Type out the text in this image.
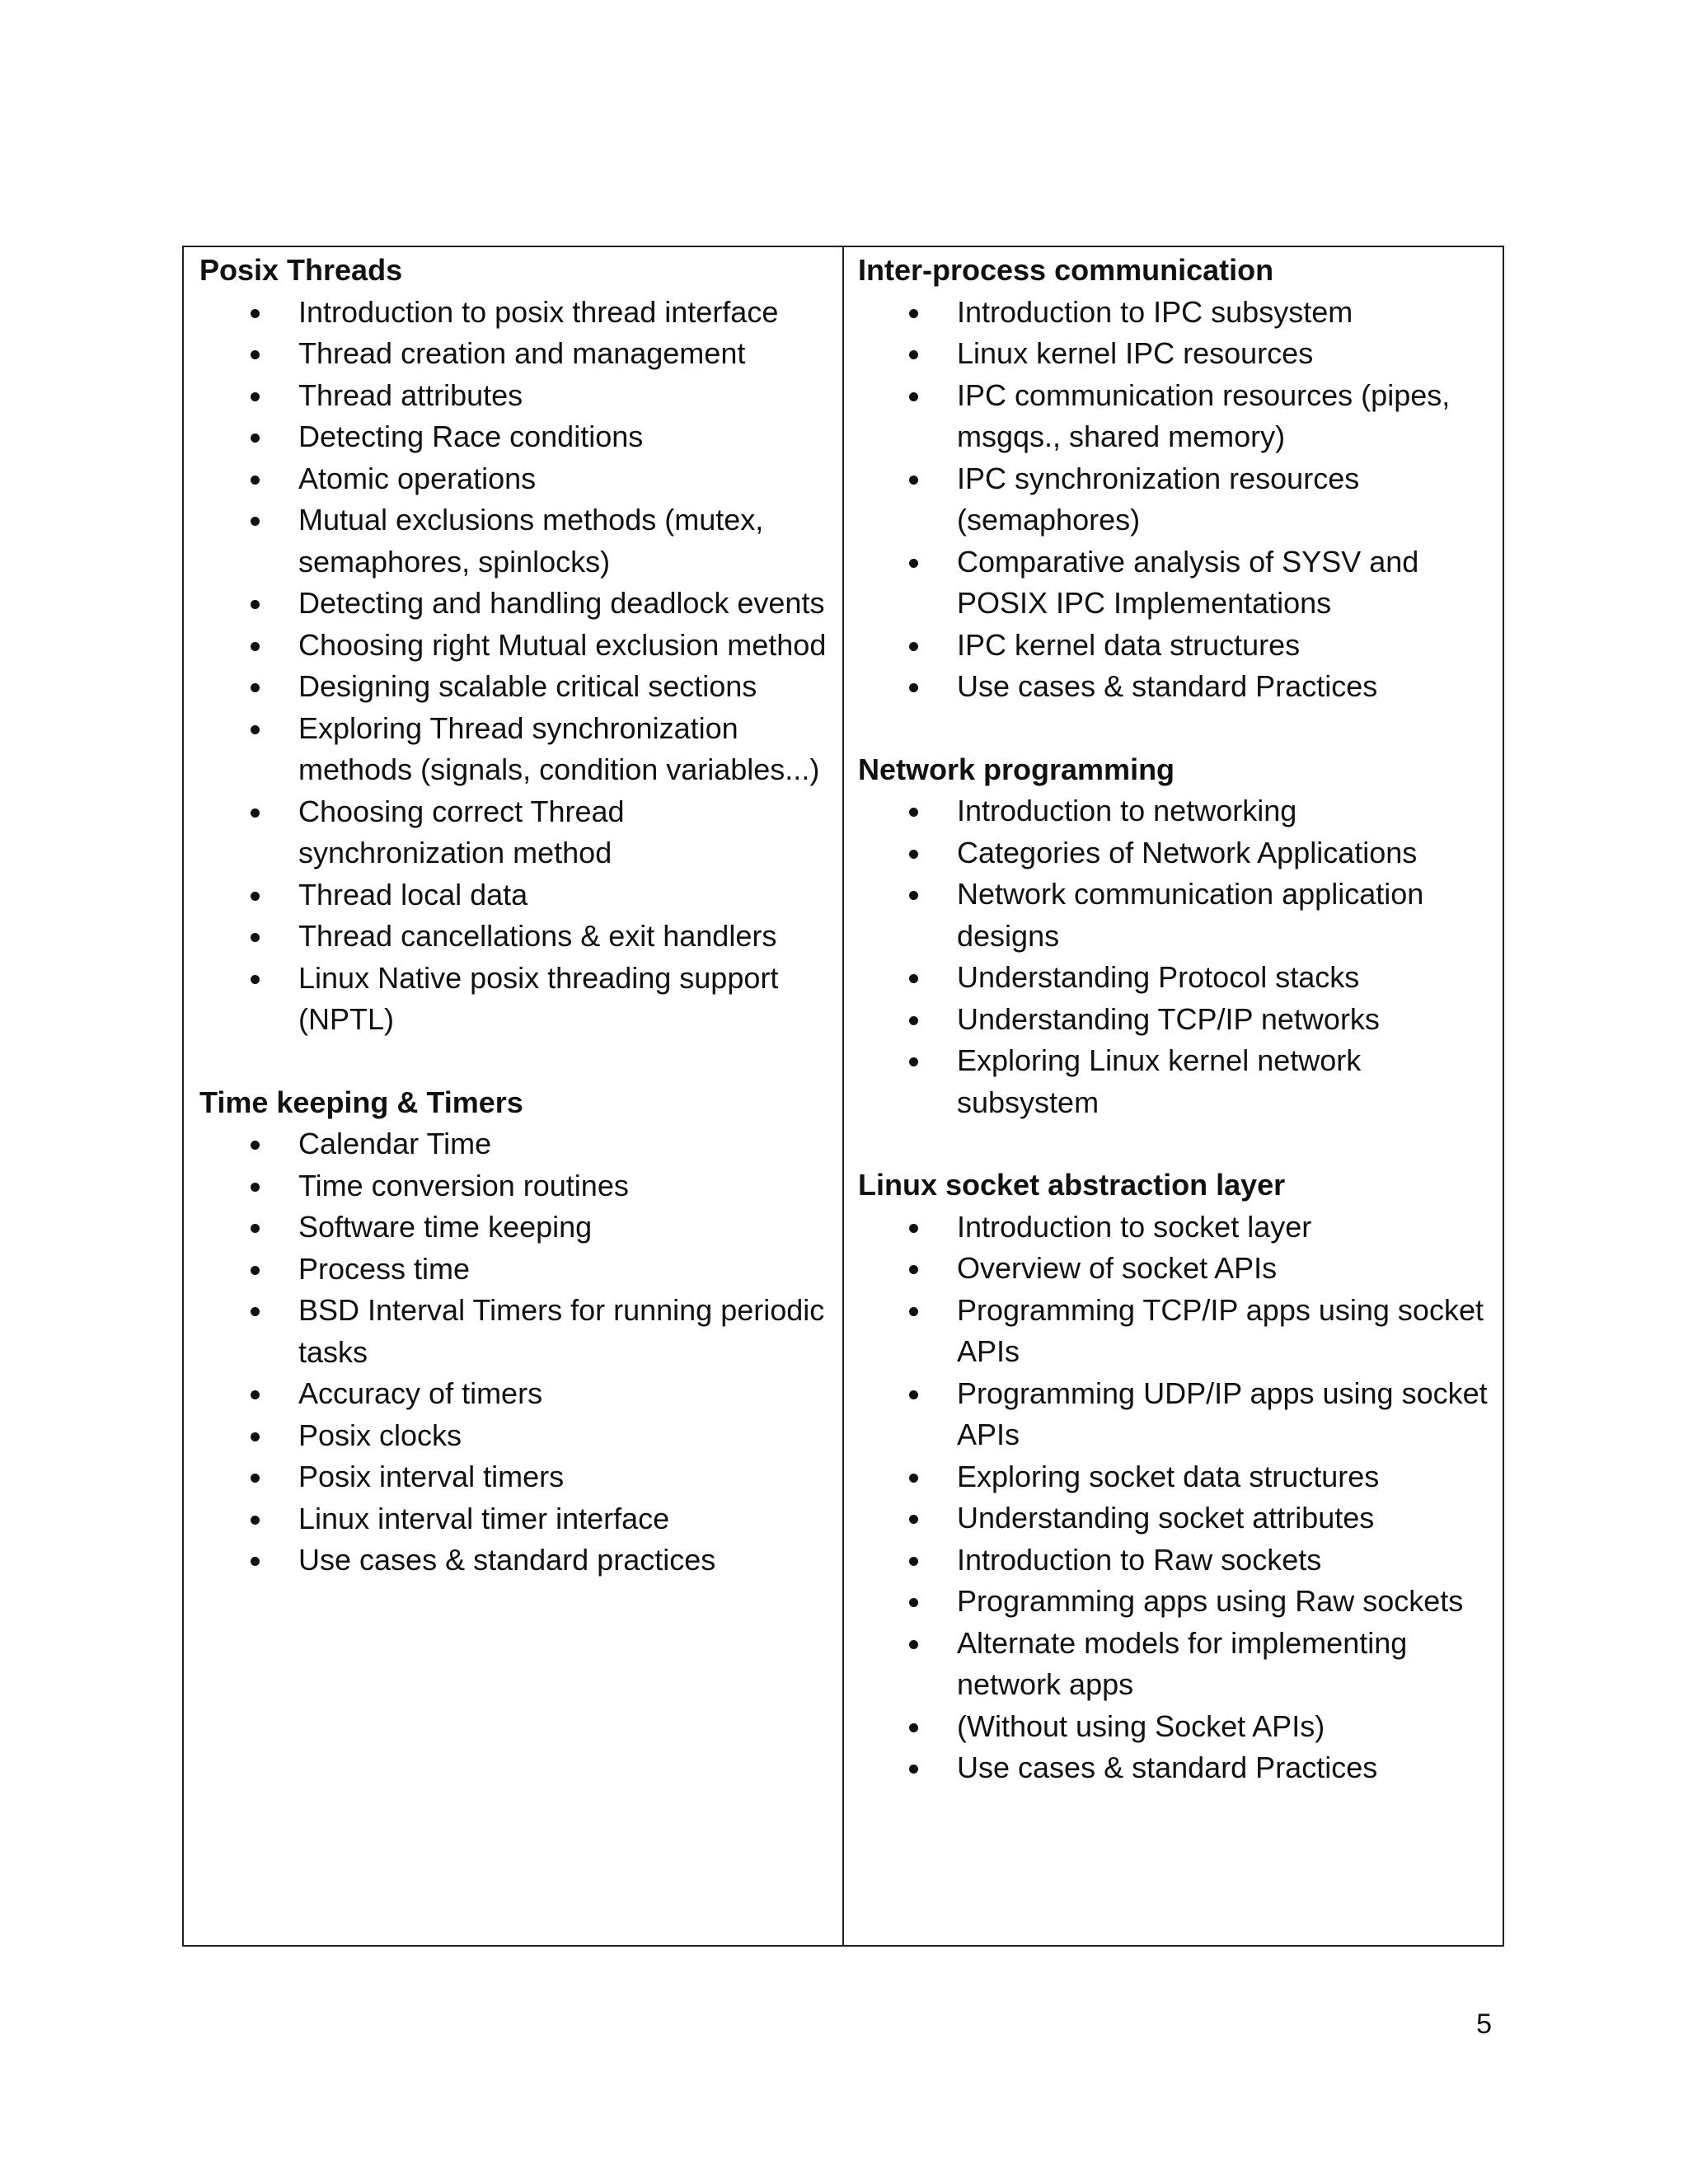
Posix Threads

Introduction to posix thread interface
Thread creation and management
Thread attributes
Detecting Race conditions
Atomic operations
Mutual exclusions methods (mutex, semaphores, spinlocks)
Detecting and handling deadlock events
Choosing right Mutual exclusion method
Designing scalable critical sections
Exploring Thread synchronization methods (signals, condition variables...)
Choosing correct Thread synchronization method
Thread local data
Thread cancellations & exit handlers
Linux Native posix threading support (NPTL)

Time keeping & Timers

Calendar Time
Time conversion routines
Software time keeping
Process time
BSD Interval Timers for running periodic tasks
Accuracy of timers
Posix clocks
Posix interval timers
Linux interval timer interface
Use cases & standard practices

Inter-process communication

Introduction to IPC subsystem
Linux kernel IPC resources
IPC communication resources (pipes, msgqs., shared memory)
IPC synchronization resources (semaphores)
Comparative analysis of SYSV and POSIX IPC Implementations
IPC kernel data structures
Use cases & standard Practices

Network programming

Introduction to networking
Categories of Network Applications
Network communication application designs
Understanding Protocol stacks
Understanding TCP/IP networks
Exploring Linux kernel network subsystem

Linux socket abstraction layer

Introduction to socket layer
Overview of socket APIs
Programming TCP/IP apps using socket APIs
Programming UDP/IP apps using socket APIs
Exploring socket data structures
Understanding socket attributes
Introduction to Raw sockets
Programming apps using Raw sockets
Alternate models for implementing network apps
(Without using Socket APIs)
Use cases & standard Practices
5
